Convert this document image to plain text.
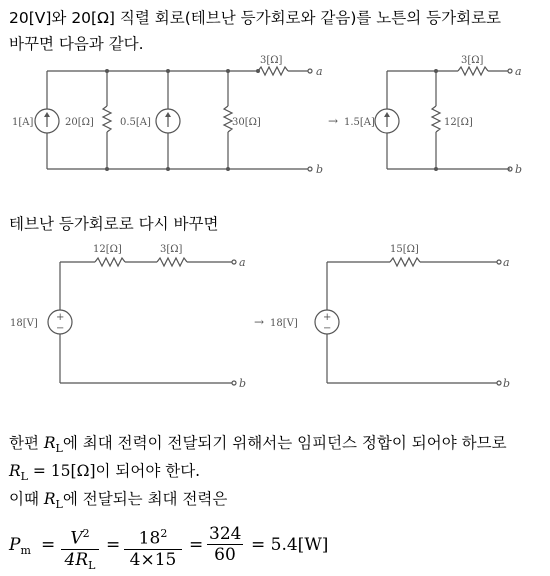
20[V]와 20[Ω] 직렬 회로(테브난 등가회로와 같음)를 노튼의 등가회로로
바꾸면 다음과 같다.
1[A]	20[Ω]	0.5[A]	30[Ω]
3[Ω]
a
b
→ 1.5[A]	12[Ω]
3[Ω]
a
b
테브난 등가회로로 다시 바꾸면
+
−
18[V]
12[Ω]	3[Ω]
a
b
→ 18[V]
+
−
15[Ω]
a
b
한편 $R_L$에 최대 전력이 전달되기 위해서는 임피던스 정합이 되어야 하므로
$R_L = 15[\Omega]$이 되어야 한다.
이때 $R_L$에 전달되는 최대 전력은
$P_m = \frac{V^2}{4R_L} = \frac{18^2}{4\times 15} = \frac{324}{60} = 5.4[W]$
